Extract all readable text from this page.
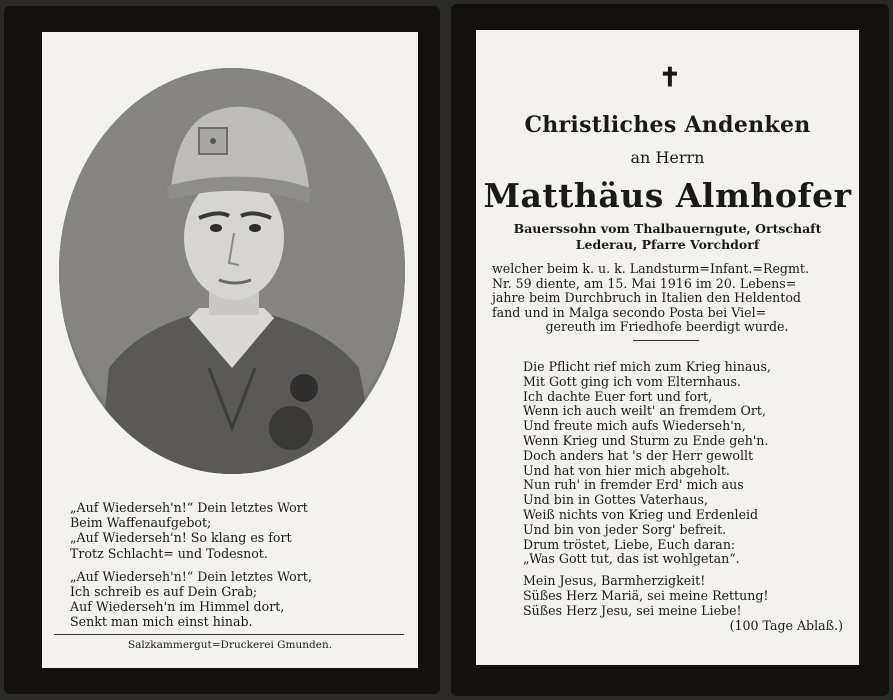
„Auf Wiederseh'n!“ Dein letztes Wort
Beim Waffenaufgebot;
„Auf Wiederseh'n! So klang es fort
Trotz Schlacht= und Todesnot.
„Auf Wiederseh'n!“ Dein letztes Wort,
Ich schreib es auf Dein Grab;
Auf Wiederseh'n im Himmel dort,
Senkt man mich einst hinab.
Salzkammergut=Druckerei Gmunden.
✝
Christliches Andenken
an Herrn
Matthäus Almhofer
Bauerssohn vom Thalbauerngute, Ortschaft
Lederau, Pfarre Vorchdorf
welcher beim k. u. k. Landsturm=Infant.=Regmt.
Nr. 59 diente, am 15. Mai 1916 im 20. Lebens=
jahre beim Durchbruch in Italien den Heldentod
fand und in Malga secondo Posta bei Viel=
gereuth im Friedhofe beerdigt wurde.
Die Pflicht rief mich zum Krieg hinaus,
Mit Gott ging ich vom Elternhaus.
Ich dachte Euer fort und fort,
Wenn ich auch weilt' an fremdem Ort,
Und freute mich aufs Wiederseh'n,
Wenn Krieg und Sturm zu Ende geh'n.
Doch anders hat 's der Herr gewollt
Und hat von hier mich abgeholt.
Nun ruh' in fremder Erd' mich aus
Und bin in Gottes Vaterhaus,
Weiß nichts von Krieg und Erdenleid
Und bin von jeder Sorg' befreit.
Drum tröstet, Liebe, Euch daran:
„Was Gott tut, das ist wohlgetan“.
Mein Jesus, Barmherzigkeit!
Süßes Herz Mariä, sei meine Rettung!
Süßes Herz Jesu, sei meine Liebe!
(100 Tage Ablaß.)
